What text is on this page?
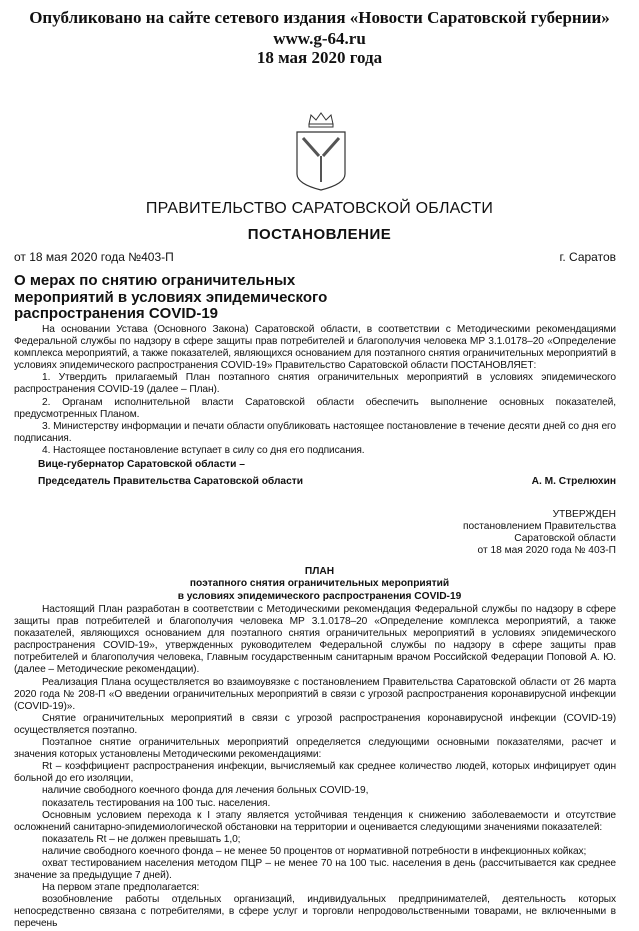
Опубликовано на сайте сетевого издания «Новости Саратовской губернии»
www.g-64.ru
18 мая 2020 года
ПРАВИТЕЛЬСТВО САРАТОВСКОЙ ОБЛАСТИ
ПОСТАНОВЛЕНИЕ
от 18 мая 2020 года №403-П	г. Саратов
О мерах по снятию ограничительных мероприятий в условиях эпидемического распространения COVID-19

На основании Устава (Основного Закона) Саратовской области, в соответствии с Методическими рекомендациями Федеральной службы по надзору в сфере защиты прав потребителей и благополучия человека МР 3.1.0178–20 «Определение комплекса мероприятий, а также показателей, являющихся основанием для поэтапного снятия ограничительных мероприятий в условиях эпидемического распространения COVID-19» Правительство Саратовской области ПОСТАНОВЛЯЕТ:

1. Утвердить прилагаемый План поэтапного снятия ограничительных мероприятий в условиях эпидемического распространения COVID-19 (далее – План).

2. Органам исполнительной власти Саратовской области обеспечить выполнение основных показателей, предусмотренных Планом.

3. Министерству информации и печати области опубликовать настоящее постановление в течение десяти дней со дня его подписания.

4. Настоящее постановление вступает в силу со дня его подписания.

Вице-губернатор Саратовской области –
Председатель Правительства Саратовской области	А. М. Стрелюхин
УТВЕРЖДЕН
постановлением Правительства
Саратовской области
от 18 мая 2020 года № 403-П
ПЛАН
поэтапного снятия ограничительных мероприятий
в условиях эпидемического распространения COVID-19

Настоящий План разработан в соответствии с Методическими рекомендация Федеральной службы по надзору в сфере защиты прав потребителей и благополучия человека МР 3.1.0178–20 «Определение комплекса мероприятий, а также показателей, являющихся основанием для поэтапного снятия ограничительных мероприятий в условиях эпидемического распространения COVID-19», утвержденных руководителем Федеральной службы по надзору в сфере защиты прав потребителей и благополучия человека, Главным государственным санитарным врачом Российской Федерации Поповой А. Ю. (далее – Методические рекомендации).

Реализация Плана осуществляется во взаимоувязке с постановлением Правительства Саратовской области от 26 марта 2020 года № 208-П «О введении ограничительных мероприятий в связи с угрозой распространения коронавирусной инфекции (COVID-19)».

Снятие ограничительных мероприятий в связи с угрозой распространения коронавирусной инфекции (COVID-19) осуществляется поэтапно.

Поэтапное снятие ограничительных мероприятий определяется следующими основными показателями, расчет и значения которых установлены Методическими рекомендациями:

Rt – коэффициент распространения инфекции, вычисляемый как среднее количество людей, которых инфицирует один больной до его изоляции,

наличие свободного коечного фонда для лечения больных COVID-19,

показатель тестирования на 100 тыс. населения.

Основным условием перехода к I этапу является устойчивая тенденция к снижению заболеваемости и отсутствие осложнений санитарно-эпидемиологической обстановки на территории и оценивается следующими значениями показателей:

показатель Rt – не должен превышать 1,0;

наличие свободного коечного фонда – не менее 50 процентов от нормативной потребности в инфекционных койках;

охват тестированием населения методом ПЦР – не менее 70 на 100 тыс. населения в день (рассчитывается как среднее значение за предыдущие 7 дней).

На первом этапе предполагается:

возобновление работы отдельных организаций, индивидуальных предпринимателей, деятельность которых непосредственно связана с потребителями, в сфере услуг и торговли непродовольственными товарами, не включенными в перечень
